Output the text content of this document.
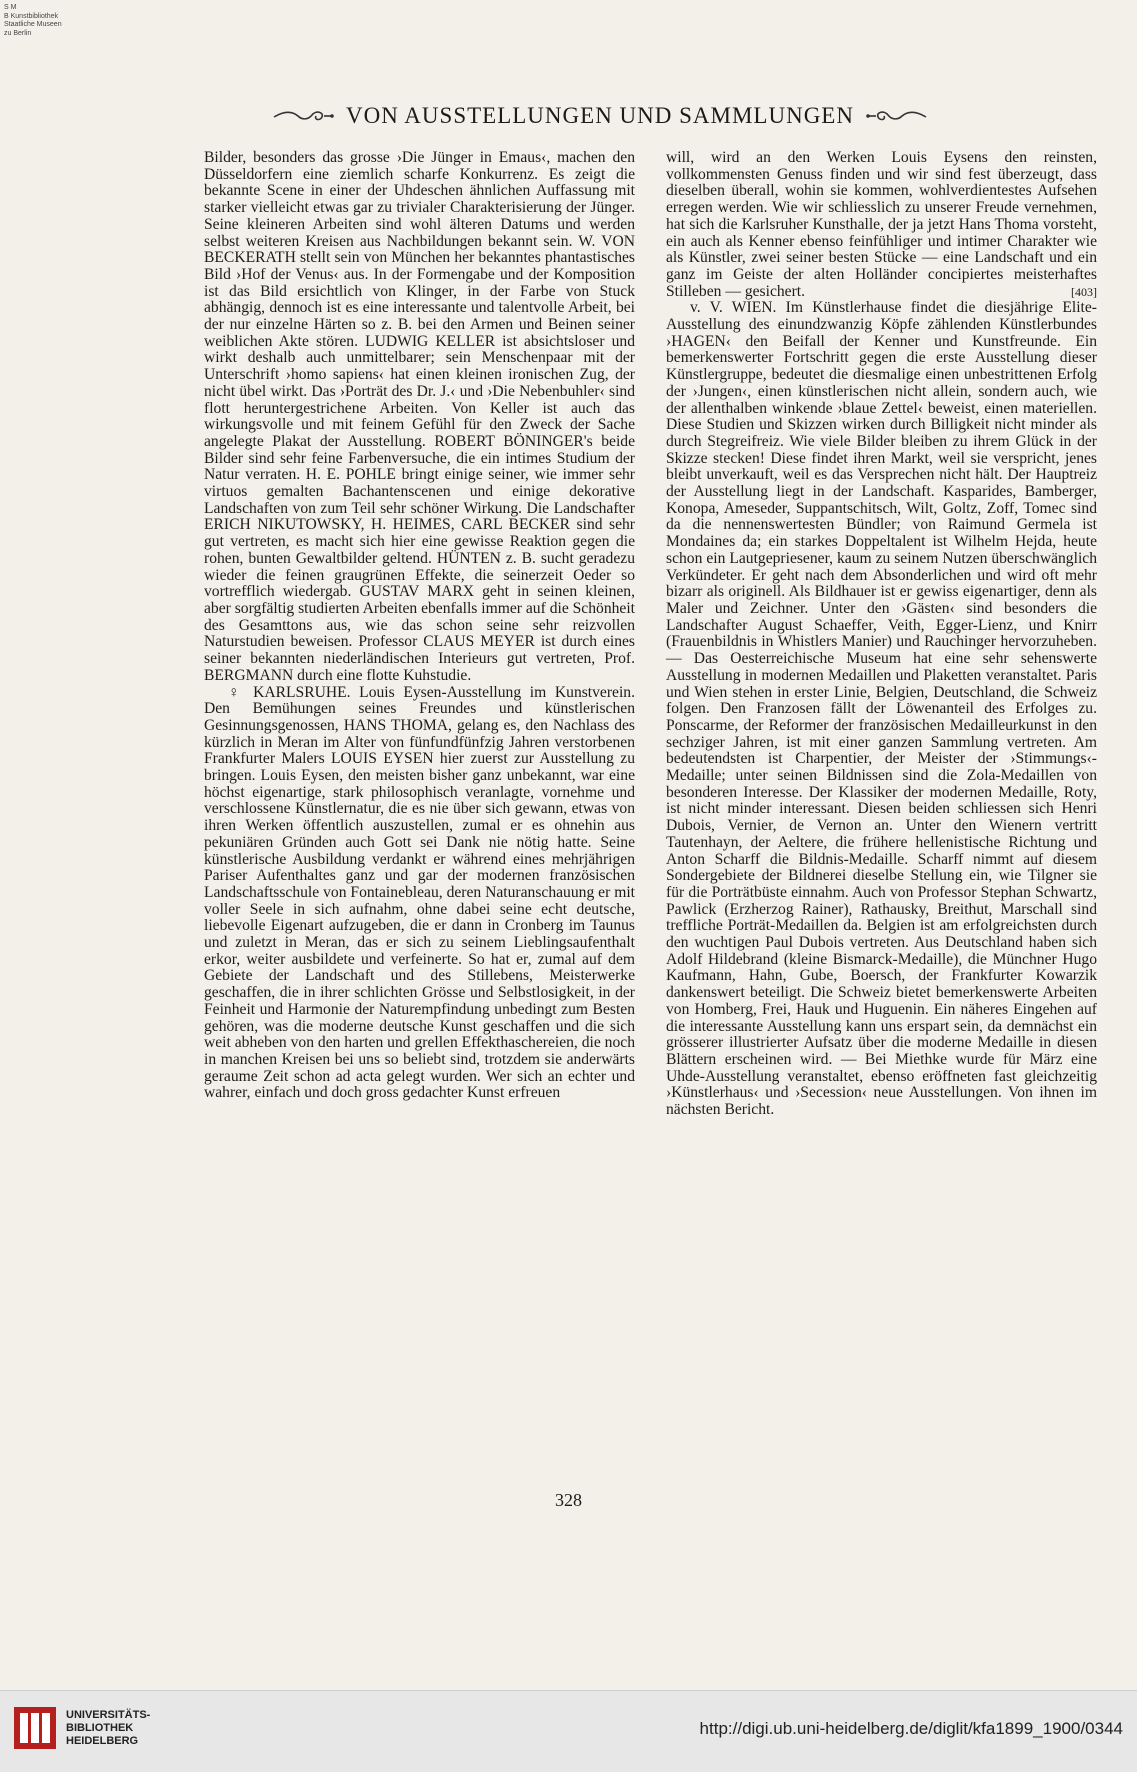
S M
B Kunstbibliothek
Staatliche Museen
zu Berlin
VON AUSSTELLUNGEN UND SAMMLUNGEN

Bilder, besonders das grosse ›Die Jünger in Emaus‹, machen den Düsseldorfern eine ziemlich scharfe Konkurrenz. Es zeigt die bekannte Scene in einer der Uhdeschen ähnlichen Auffassung mit starker vielleicht etwas gar zu trivialer Charakterisierung der Jünger. Seine kleineren Arbeiten sind wohl älteren Datums und werden selbst weiteren Kreisen aus Nachbildungen bekannt sein. W. VON BECKERATH stellt sein von München her bekanntes phantastisches Bild ›Hof der Venus‹ aus. In der Formengabe und der Komposition ist das Bild ersichtlich von Klinger, in der Farbe von Stuck abhängig, dennoch ist es eine interessante und talentvolle Arbeit, bei der nur einzelne Härten so z. B. bei den Armen und Beinen seiner weiblichen Akte stören. LUDWIG KELLER ist absichtsloser und wirkt deshalb auch unmittelbarer; sein Menschenpaar mit der Unterschrift ›homo sapiens‹ hat einen kleinen ironischen Zug, der nicht übel wirkt. Das ›Porträt des Dr. J.‹ und ›Die Nebenbuhler‹ sind flott heruntergestrichene Arbeiten. Von Keller ist auch das wirkungsvolle und mit feinem Gefühl für den Zweck der Sache angelegte Plakat der Ausstellung. ROBERT BÖNINGER's beide Bilder sind sehr feine Farbenversuche, die ein intimes Studium der Natur verraten. H. E. POHLE bringt einige seiner, wie immer sehr virtuos gemalten Bachantenscenen und einige dekorative Landschaften von zum Teil sehr schöner Wirkung. Die Landschafter ERICH NIKUTOWSKY, H. HEIMES, CARL BECKER sind sehr gut vertreten, es macht sich hier eine gewisse Reaktion gegen die rohen, bunten Gewaltbilder geltend. HÜNTEN z. B. sucht geradezu wieder die feinen graugrünen Effekte, die seinerzeit Oeder so vortrefflich wiedergab. GUSTAV MARX geht in seinen kleinen, aber sorgfältig studierten Arbeiten ebenfalls immer auf die Schönheit des Gesamttons aus, wie das schon seine sehr reizvollen Naturstudien beweisen. Professor CLAUS MEYER ist durch eines seiner bekannten niederländischen Interieurs gut vertreten, Prof. BERGMANN durch eine flotte Kuhstudie.

♀ KARLSRUHE. Louis Eysen-Ausstellung im Kunstverein. Den Bemühungen seines Freundes und künstlerischen Gesinnungsgenossen, HANS THOMA, gelang es, den Nachlass des kürzlich in Meran im Alter von fünfundfünfzig Jahren verstorbenen Frankfurter Malers LOUIS EYSEN hier zuerst zur Ausstellung zu bringen. Louis Eysen, den meisten bisher ganz unbekannt, war eine höchst eigenartige, stark philosophisch veranlagte, vornehme und verschlossene Künstlernatur, die es nie über sich gewann, etwas von ihren Werken öffentlich auszustellen, zumal er es ohnehin aus pekuniären Gründen auch Gott sei Dank nie nötig hatte. Seine künstlerische Ausbildung verdankt er während eines mehrjährigen Pariser Aufenthaltes ganz und gar der modernen französischen Landschaftsschule von Fontainebleau, deren Naturanschauung er mit voller Seele in sich aufnahm, ohne dabei seine echt deutsche, liebevolle Eigenart aufzugeben, die er dann in Cronberg im Taunus und zuletzt in Meran, das er sich zu seinem Lieblingsaufenthalt erkor, weiter ausbildete und verfeinerte. So hat er, zumal auf dem Gebiete der Landschaft und des Stillebens, Meisterwerke geschaffen, die in ihrer schlichten Grösse und Selbstlosigkeit, in der Feinheit und Harmonie der Naturempfindung unbedingt zum Besten gehören, was die moderne deutsche Kunst geschaffen und die sich weit abheben von den harten und grellen Effekthaschereien, die noch in manchen Kreisen bei uns so beliebt sind, trotzdem sie anderwärts geraume Zeit schon ad acta gelegt wurden. Wer sich an echter und wahrer, einfach und doch gross gedachter Kunst erfreuen

will, wird an den Werken Louis Eysens den reinsten, vollkommensten Genuss finden und wir sind fest überzeugt, dass dieselben überall, wohin sie kommen, wohlverdientestes Aufsehen erregen werden. Wie wir schliesslich zu unserer Freude vernehmen, hat sich die Karlsruher Kunsthalle, der ja jetzt Hans Thoma vorsteht, ein auch als Kenner ebenso feinfühliger und intimer Charakter wie als Künstler, zwei seiner besten Stücke — eine Landschaft und ein ganz im Geiste der alten Holländer concipiertes meisterhaftes Stilleben — gesichert.	[403]

v. V. WIEN. Im Künstlerhause findet die diesjährige Elite-Ausstellung des einundzwanzig Köpfe zählenden Künstlerbundes ›HAGEN‹ den Beifall der Kenner und Kunstfreunde. Ein bemerkenswerter Fortschritt gegen die erste Ausstellung dieser Künstlergruppe, bedeutet die diesmalige einen unbestrittenen Erfolg der ›Jungen‹, einen künstlerischen nicht allein, sondern auch, wie der allenthalben winkende ›blaue Zettel‹ beweist, einen materiellen. Diese Studien und Skizzen wirken durch Billigkeit nicht minder als durch Stegreifreiz. Wie viele Bilder bleiben zu ihrem Glück in der Skizze stecken! Diese findet ihren Markt, weil sie verspricht, jenes bleibt unverkauft, weil es das Versprechen nicht hält. Der Hauptreiz der Ausstellung liegt in der Landschaft. Kasparides, Bamberger, Konopa, Ameseder, Suppantschitsch, Wilt, Goltz, Zoff, Tomec sind da die nennenswertesten Bündler; von Raimund Germela ist Mondaines da; ein starkes Doppeltalent ist Wilhelm Hejda, heute schon ein Lautgepriesener, kaum zu seinem Nutzen überschwänglich Verkündeter. Er geht nach dem Absonderlichen und wird oft mehr bizarr als originell. Als Bildhauer ist er gewiss eigenartiger, denn als Maler und Zeichner. Unter den ›Gästen‹ sind besonders die Landschafter August Schaeffer, Veith, Egger-Lienz, und Knirr (Frauenbildnis in Whistlers Manier) und Rauchinger hervorzuheben. — Das Oesterreichische Museum hat eine sehr sehenswerte Ausstellung in modernen Medaillen und Plaketten veranstaltet. Paris und Wien stehen in erster Linie, Belgien, Deutschland, die Schweiz folgen. Den Franzosen fällt der Löwenanteil des Erfolges zu. Ponscarme, der Reformer der französischen Medailleurkunst in den sechziger Jahren, ist mit einer ganzen Sammlung vertreten. Am bedeutendsten ist Charpentier, der Meister der ›Stimmungs‹-Medaille; unter seinen Bildnissen sind die Zola-Medaillen von besonderen Interesse. Der Klassiker der modernen Medaille, Roty, ist nicht minder interessant. Diesen beiden schliessen sich Henri Dubois, Vernier, de Vernon an. Unter den Wienern vertritt Tautenhayn, der Aeltere, die frühere hellenistische Richtung und Anton Scharff die Bildnis-Medaille. Scharff nimmt auf diesem Sondergebiete der Bildnerei dieselbe Stellung ein, wie Tilgner sie für die Porträtbüste einnahm. Auch von Professor Stephan Schwartz, Pawlick (Erzherzog Rainer), Rathausky, Breithut, Marschall sind treffliche Porträt-Medaillen da. Belgien ist am erfolgreichsten durch den wuchtigen Paul Dubois vertreten. Aus Deutschland haben sich Adolf Hildebrand (kleine Bismarck-Medaille), die Münchner Hugo Kaufmann, Hahn, Gube, Boersch, der Frankfurter Kowarzik dankenswert beteiligt. Die Schweiz bietet bemerkenswerte Arbeiten von Homberg, Frei, Hauk und Huguenin. Ein näheres Eingehen auf die interessante Ausstellung kann uns erspart sein, da demnächst ein grösserer illustrierter Aufsatz über die moderne Medaille in diesen Blättern erscheinen wird. — Bei Miethke wurde für März eine Uhde-Ausstellung veranstaltet, ebenso eröffneten fast gleichzeitig ›Künstlerhaus‹ und ›Secession‹ neue Ausstellungen. Von ihnen im nächsten Bericht.

328
UNIVERSITÄTS-
BIBLIOTHEK
HEIDELBERG
http://digi.ub.uni-heidelberg.de/diglit/kfa1899_1900/0344
